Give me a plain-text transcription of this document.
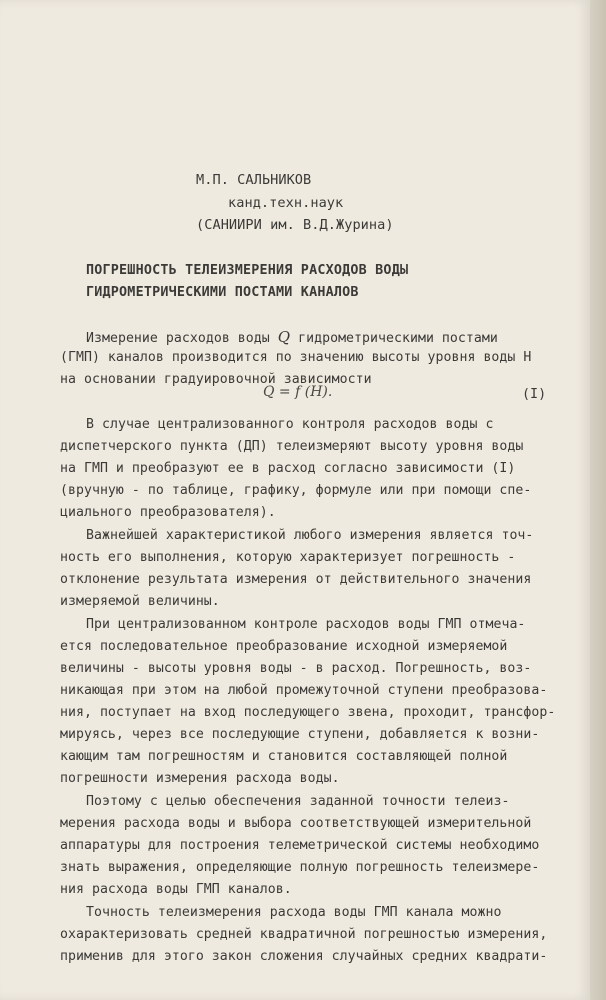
М.П. САЛЬНИКОВ
канд.техн.наук
(САНИИРИ им. В.Д.Журина)
ПОГРЕШНОСТЬ ТЕЛЕИЗМЕРЕНИЯ РАСХОДОВ ВОДЫ
ГИДРОМЕТРИЧЕСКИМИ ПОСТАМИ КАНАЛОВ
Измерение расходов воды Q гидрометрическими постами
(ГМП) каналов производится по значению высоты уровня воды Н
на основании градуировочной зависимости
Q = f (H).	(I)
В случае централизованного контроля расходов воды с
диспетчерского пункта (ДП) телеизмеряют высоту уровня воды
на ГМП и преобразуют ее в расход согласно зависимости (I)
(вручную - по таблице, графику, формуле или при помощи спе-
циального преобразователя).
Важнейшей характеристикой любого измерения является точ-
ность его выполнения, которую характеризует погрешность -
отклонение результата измерения от действительного значения
измеряемой величины.
При централизованном контроле расходов воды ГМП отмеча-
ется последовательное преобразование исходной измеряемой
величины - высоты уровня воды - в расход. Погрешность, воз-
никающая при этом на любой промежуточной ступени преобразова-
ния, поступает на вход последующего звена, проходит, трансфор-
мируясь, через все последующие ступени, добавляется к возни-
кающим там погрешностям и становится составляющей полной
погрешности измерения расхода воды.
Поэтому с целью обеспечения заданной точности телеиз-
мерения расхода воды и выбора соответствующей измерительной
аппаратуры для построения телеметрической системы необходимо
знать выражения, определяющие полную погрешность телеизмере-
ния расхода воды ГМП каналов.
Точность телеизмерения расхода воды ГМП канала можно
охарактеризовать средней квадратичной погрешностью измерения,
применив для этого закон сложения случайных средних квадрати-
